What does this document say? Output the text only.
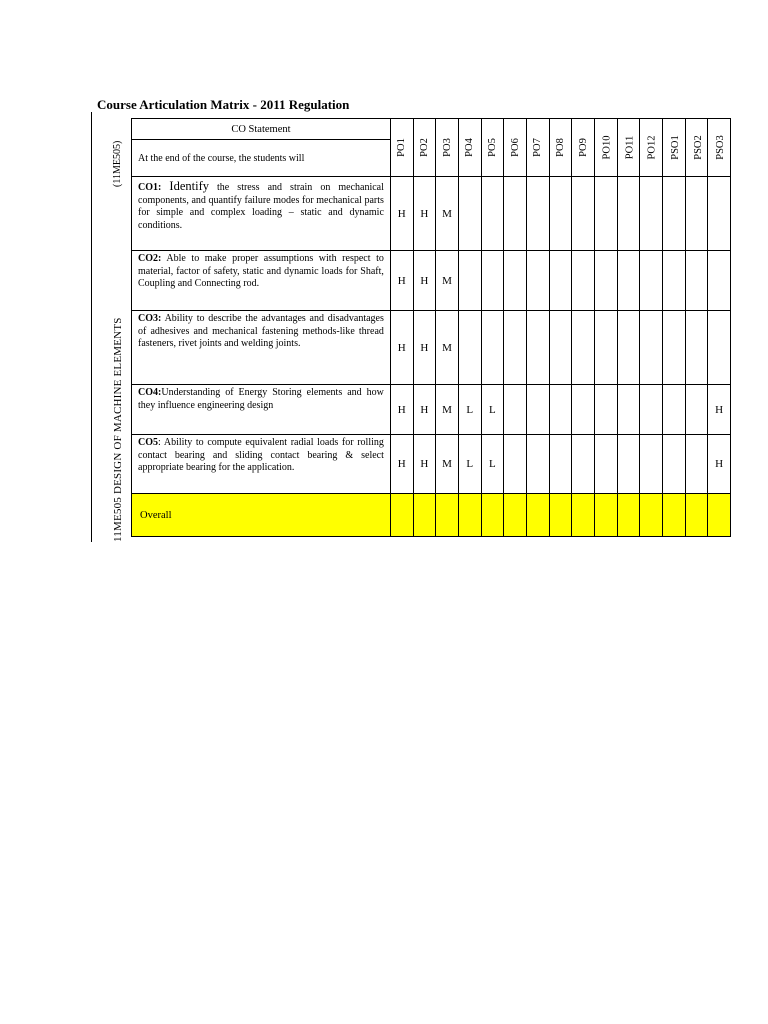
Course Articulation Matrix - 2011 Regulation
11ME505 DESIGN OF MACHINE ELEMENTS
(11ME505)
CO Statement	PO1	PO2	PO3	PO4	PO5	PO6	PO7	PO8	PO9	PO10	PO11	PO12	PSO1	PSO2	PSO3
At the end of the course, the students will															
CO1: Identify the stress and strain on mechanical components, and quantify failure modes for mechanical parts for simple and complex loading – static and dynamic conditions.	H	H	M												
CO2: Able to make proper assumptions with respect to material, factor of safety, static and dynamic loads for Shaft, Coupling and Connecting rod.	H	H	M												
CO3: Ability to describe the advantages and disadvantages of adhesives and mechanical fastening methods-like thread fasteners, rivet joints and welding joints.	H	H	M												
CO4:Understanding of Energy Storing elements and how they influence engineering design	H	H	M	L	L										H
CO5: Ability to compute equivalent radial loads for rolling contact bearing and sliding contact bearing & select appropriate bearing for the application.	H	H	M	L	L										H
Overall															
